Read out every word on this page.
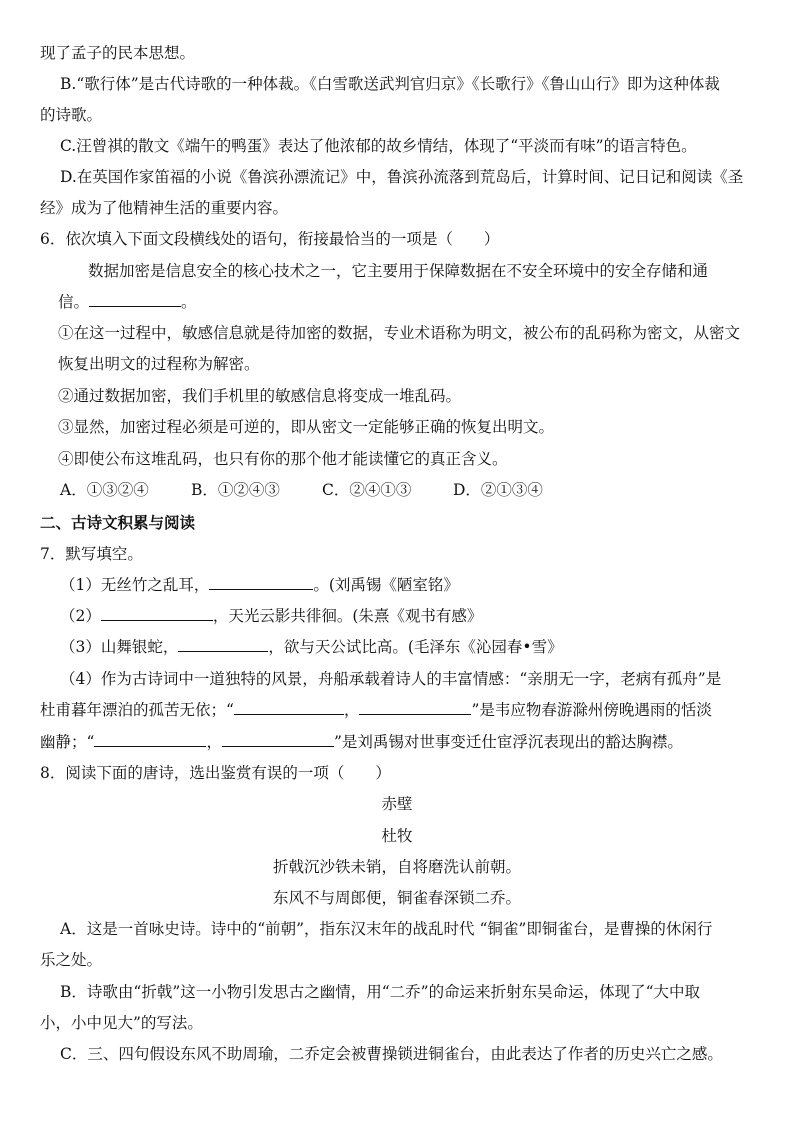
现了孟子的民本思想。
B.“歌行体”是古代诗歌的一种体裁。《白雪歌送武判官归京》《长歌行》《鲁山山行》即为这种体裁
的诗歌。
C.汪曾祺的散文《端午的鸭蛋》表达了他浓郁的故乡情结，体现了“平淡而有味”的语言特色。
D.在英国作家笛福的小说《鲁滨孙漂流记》中，鲁滨孙流落到荒岛后，计算时间、记日记和阅读《圣
经》成为了他精神生活的重要内容。
6．依次填入下面文段横线处的语句，衔接最恰当的一项是（　　）
数据加密是信息安全的核心技术之一，它主要用于保障数据在不安全环境中的安全存储和通
信。	。
①在这一过程中，敏感信息就是待加密的数据，专业术语称为明文，被公布的乱码称为密文，从密文
恢复出明文的过程称为解密。
②通过数据加密，我们手机里的敏感信息将变成一堆乱码。
③显然，加密过程必须是可逆的，即从密文一定能够正确的恢复出明文。
④即使公布这堆乱码，也只有你的那个他才能读懂它的真正含义。
A．①③②④	B．①②④③	C．②④①③	D．②①③④
二、古诗文积累与阅读
7．默写填空。
（1）无丝竹之乱耳，	。(刘禹锡《陋室铭》
（2）	，天光云影共徘徊。(朱熹《观书有感》
（3）山舞银蛇，	，欲与天公试比高。(毛泽东《沁园春•雪》
（4）作为古诗词中一道独特的风景，舟船承载着诗人的丰富情感：“亲朋无一字，老病有孤舟”是
杜甫暮年漂泊的孤苦无依；“	，	”是韦应物春游滁州傍晚遇雨的恬淡
幽静；“	，	”是刘禹锡对世事变迁仕宦浮沉表现出的豁达胸襟。
8．阅读下面的唐诗，选出鉴赏有误的一项（　　）
赤壁
杜牧
折戟沉沙铁未销，自将磨洗认前朝。
东风不与周郎便，铜雀春深锁二乔。
A．这是一首咏史诗。诗中的“前朝”，指东汉末年的战乱时代 “铜雀”即铜雀台，是曹操的休闲行
乐之处。
B．诗歌由“折戟”这一小物引发思古之幽情，用“二乔”的命运来折射东吴命运，体现了“大中取
小，小中见大”的写法。
C．三、四句假设东风不助周瑜，二乔定会被曹操锁进铜雀台，由此表达了作者的历史兴亡之感。
